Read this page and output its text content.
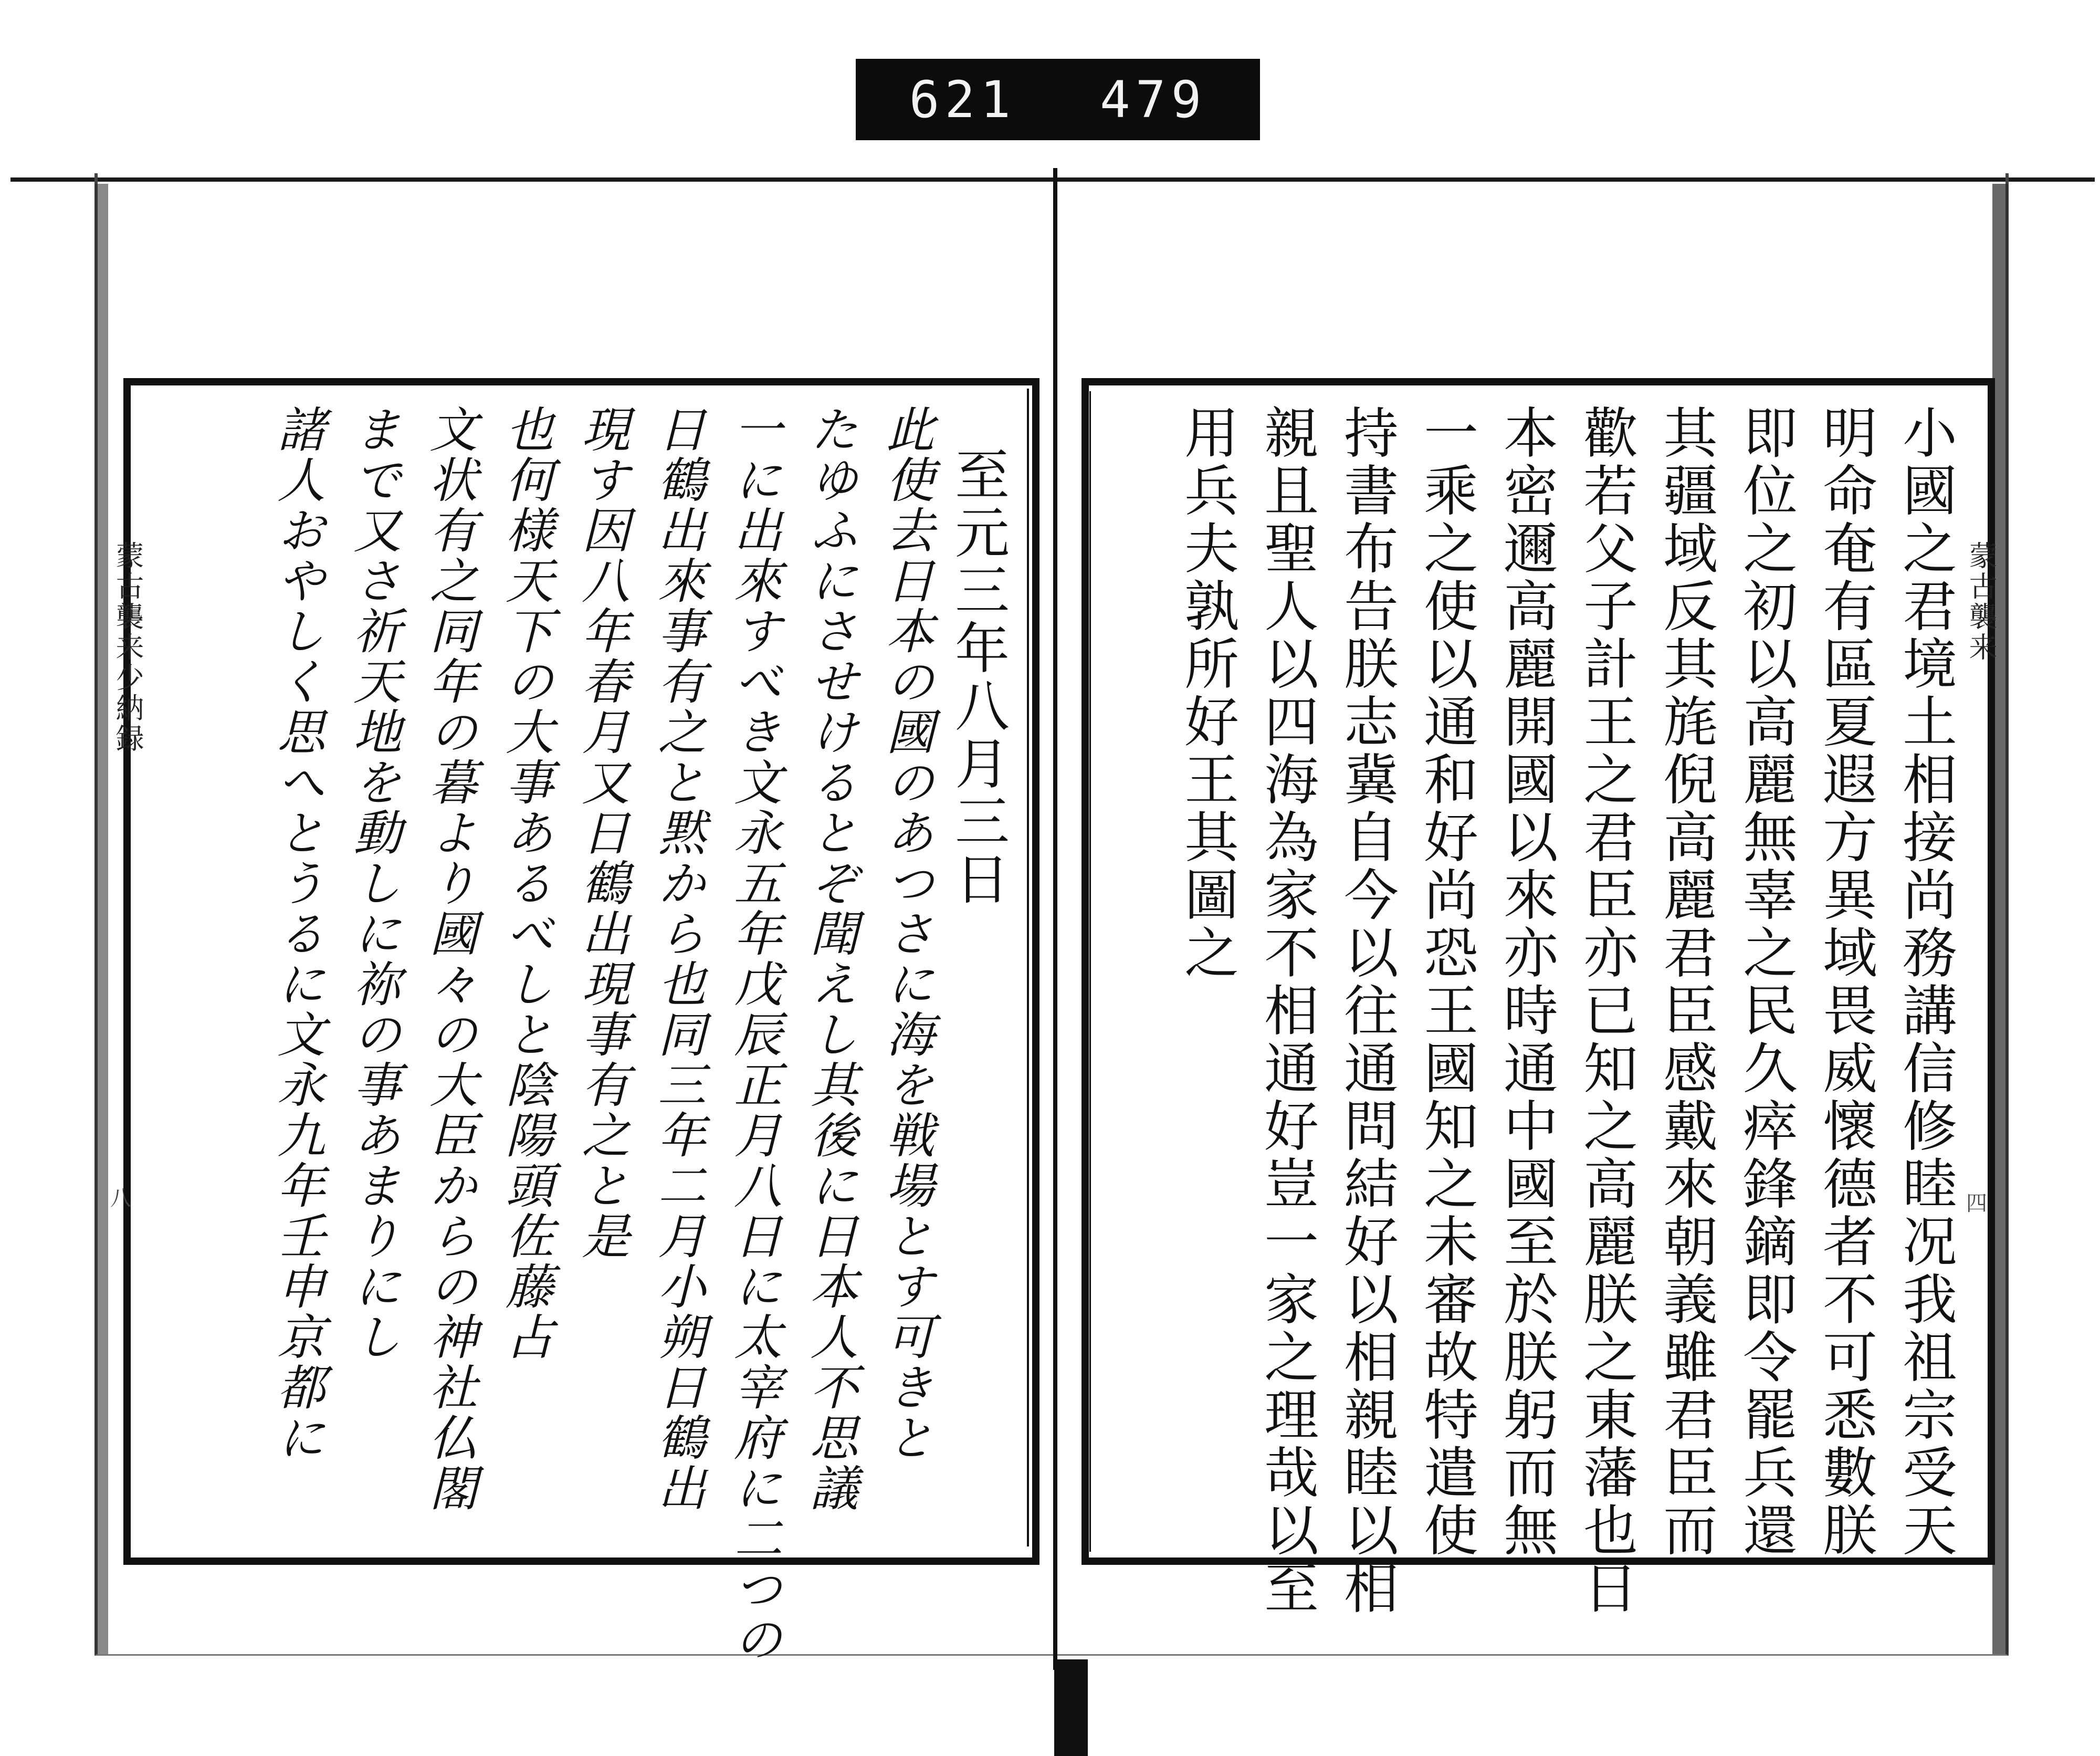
621 479
蒙古襲来少納録
八
至元三年八月三日
此使去日本の國のあつさに海を戦場とす可きと
たゆふにさせけるとぞ聞えし其後に日本人不思議
一に出來すべき文永五年戊辰正月八日に太宰府に二つの
日鶴出來事有之と黙から也同三年二月小朔日鶴出
現す因八年春月又日鶴出現事有之と是
也何様天下の大事あるべしと陰陽頭佐藤占
文状有之同年の暮より國々の大臣からの神社仏閣
まで又さ祈天地を動しに祢の事あまりにし
諸人おやしく思へとうるに文永九年壬申京都に	蒙古襲来
四
小國之君境土相接尚務講信修睦况我祖宗受天
明命奄有區夏遐方異域畏威懷德者不可悉數朕
即位之初以高麗無辜之民久瘁鋒鏑即令罷兵還
其疆域反其旄倪高麗君臣感戴來朝義雖君臣而
歡若父子計王之君臣亦已知之高麗朕之東藩也日
本密邇高麗開國以來亦時通中國至於朕躬而無
一乘之使以通和好尚恐王國知之未審故特遣使
持書布告朕志冀自今以往通問結好以相親睦以相
親且聖人以四海為家不相通好豈一家之理哉以至
用兵夫孰所好王其圖之
